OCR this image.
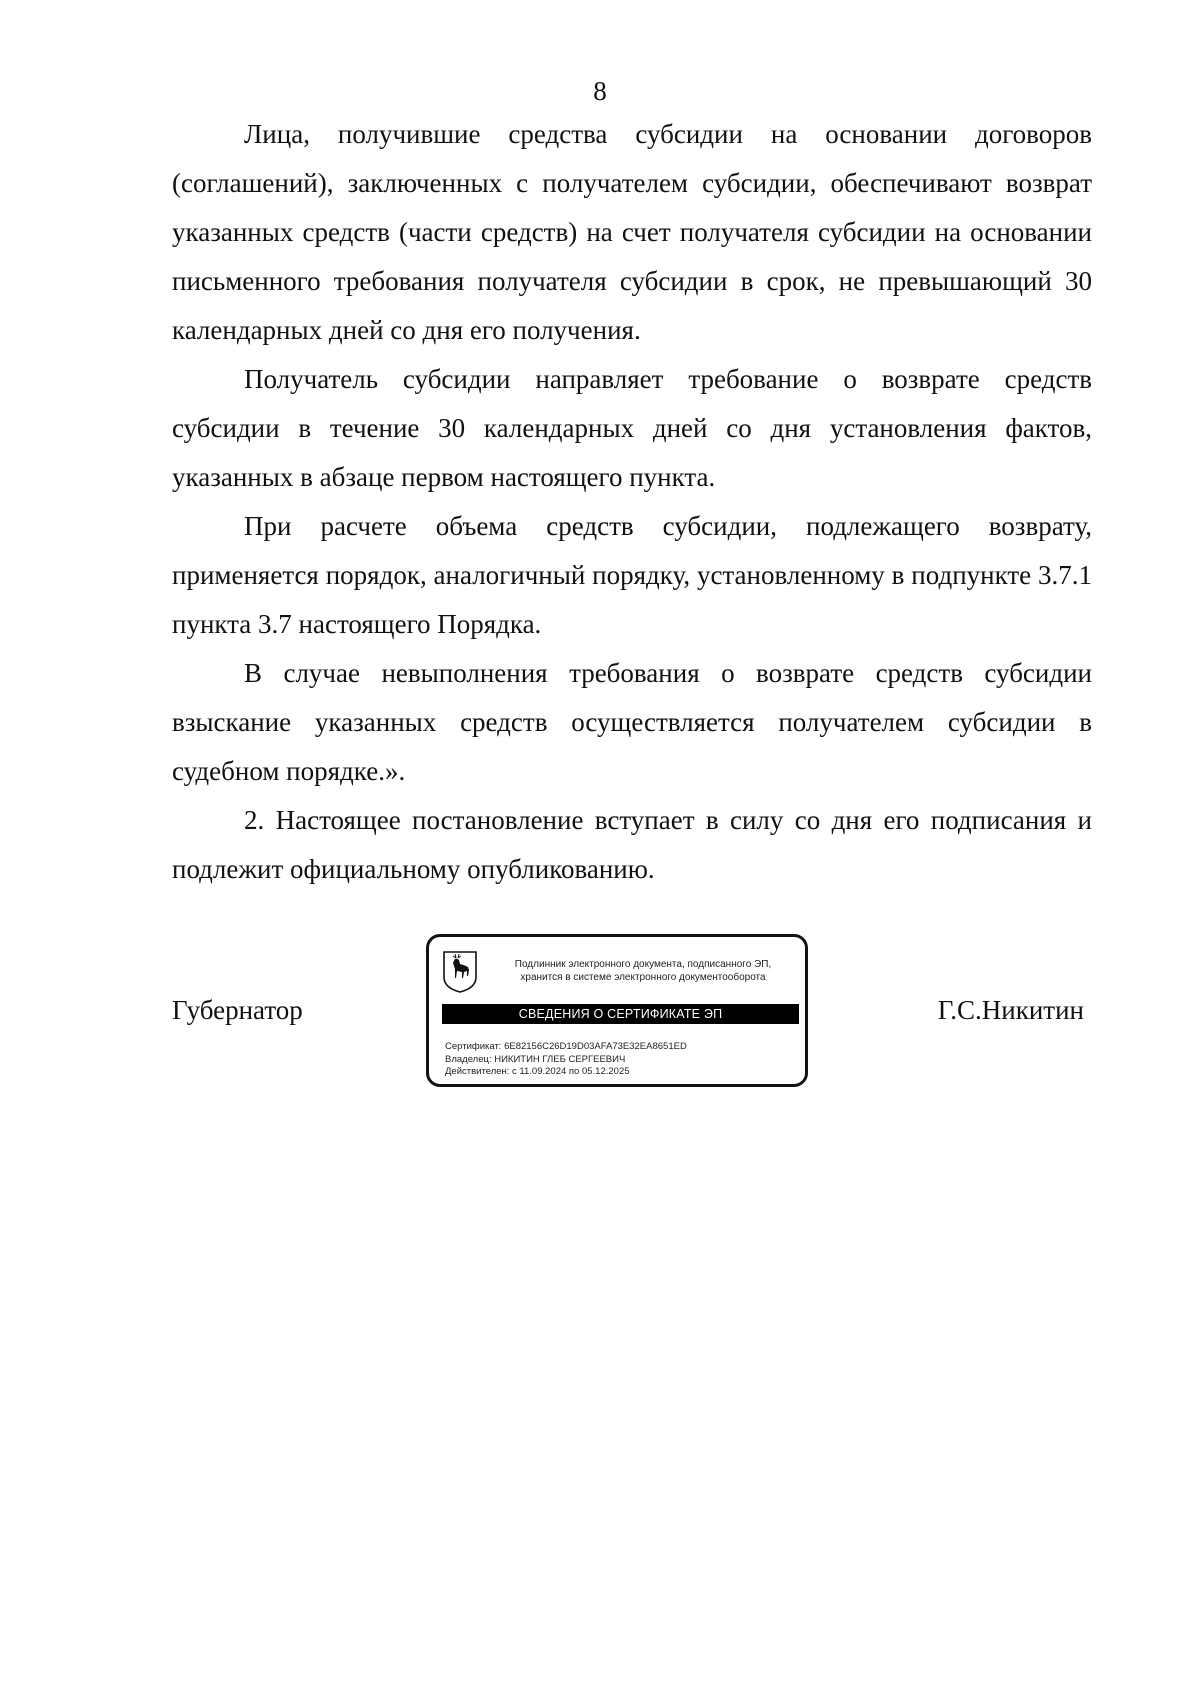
8

Лица, получившие средства субсидии на основании договоров (соглашений), заключенных с получателем субсидии, обеспечивают возврат указанных средств (части средств) на счет получателя субсидии на основании письменного требования получателя субсидии в срок, не превышающий 30 календарных дней со дня его получения.

Получатель субсидии направляет требование о возврате средств субсидии в течение 30 календарных дней со дня установления фактов, указанных в абзаце первом настоящего пункта.

При расчете объема средств субсидии, подлежащего возврату, применяется порядок, аналогичный порядку, установленному в подпункте 3.7.1 пункта 3.7 настоящего Порядка.

В случае невыполнения требования о возврате средств субсидии взыскание указанных средств осуществляется получателем субсидии в судебном порядке.».

2. Настоящее постановление вступает в силу со дня его подписания и подлежит официальному опубликованию.

Губернатор
Подлинник электронного документа, подписанного ЭП,
хранится в системе электронного документооборота
СВЕДЕНИЯ О СЕРТИФИКАТЕ ЭП
Сертификат: 6E82156C26D19D03AFA73E32EA8651ED
Владелец: НИКИТИН ГЛЕБ СЕРГЕЕВИЧ
Действителен: с 11.09.2024 по 05.12.2025
Г.С.Никитин
